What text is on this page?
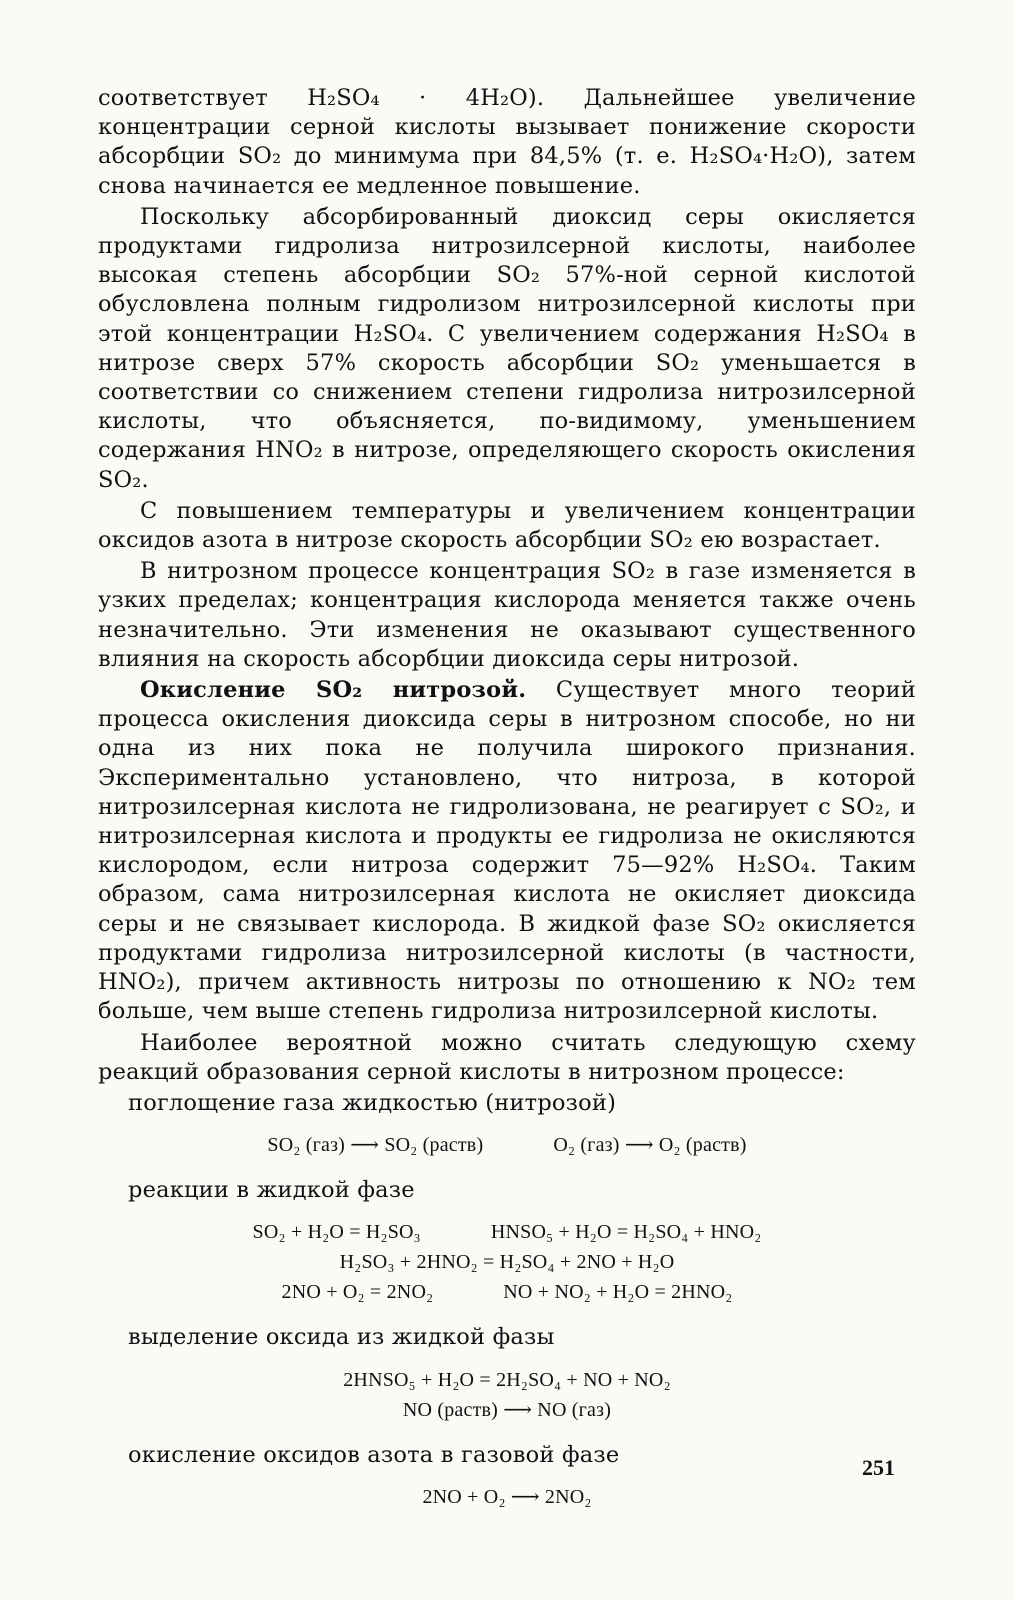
соответствует H₂SO₄ · 4H₂O). Дальнейшее увеличение концентрации серной кислоты вызывает понижение скорости абсорбции SO₂ до минимума при 84,5% (т. е. H₂SO₄·H₂O), затем снова начинается ее медленное повышение.

Поскольку абсорбированный диоксид серы окисляется продуктами гидролиза нитрозилсерной кислоты, наиболее высокая степень абсорбции SO₂ 57%-ной серной кислотой обусловлена полным гидролизом нитрозилсерной кислоты при этой концентрации H₂SO₄. С увеличением содержания H₂SO₄ в нитрозе сверх 57% скорость абсорбции SO₂ уменьшается в соответствии со снижением степени гидролиза нитрозилсерной кислоты, что объясняется, по-видимому, уменьшением содержания HNO₂ в нитрозе, определяющего скорость окисления SO₂.

С повышением температуры и увеличением концентрации оксидов азота в нитрозе скорость абсорбции SO₂ ею возрастает.

В нитрозном процессе концентрация SO₂ в газе изменяется в узких пределах; концентрация кислорода меняется также очень незначительно. Эти изменения не оказывают существенного влияния на скорость абсорбции диоксида серы нитрозой.

Окисление SO₂ нитрозой. Существует много теорий процесса окисления диоксида серы в нитрозном способе, но ни одна из них пока не получила широкого признания. Экспериментально установлено, что нитроза, в которой нитрозилсерная кислота не гидролизована, не реагирует с SO₂, и нитрозилсерная кислота и продукты ее гидролиза не окисляются кислородом, если нитроза содержит 75—92% H₂SO₄. Таким образом, сама нитрозилсерная кислота не окисляет диоксида серы и не связывает кислорода. В жидкой фазе SO₂ окисляется продуктами гидролиза нитрозилсерной кислоты (в частности, HNO₂), причем активность нитрозы по отношению к NO₂ тем больше, чем выше степень гидролиза нитрозилсерной кислоты.

Наиболее вероятной можно считать следующую схему реакций образования серной кислоты в нитрозном процессе:

поглощение газа жидкостью (нитрозой)

SO₂ (газ) ⟶ SO₂ (раств)	O₂ (газ) ⟶ O₂ (раств)

реакции в жидкой фазе

SO₂ + H₂O = H₂SO₃	HNSO₅ + H₂O = H₂SO₄ + HNO₂
H₂SO₃ + 2HNO₂ = H₂SO₄ + 2NO + H₂O
2NO + O₂ = 2NO₂	NO + NO₂ + H₂O = 2HNO₂

выделение оксида из жидкой фазы

2HNSO₅ + H₂O = 2H₂SO₄ + NO + NO₂
NO (раств) ⟶ NO (газ)

окисление оксидов азота в газовой фазе

2NO + O₂ ⟶ 2NO₂
251
